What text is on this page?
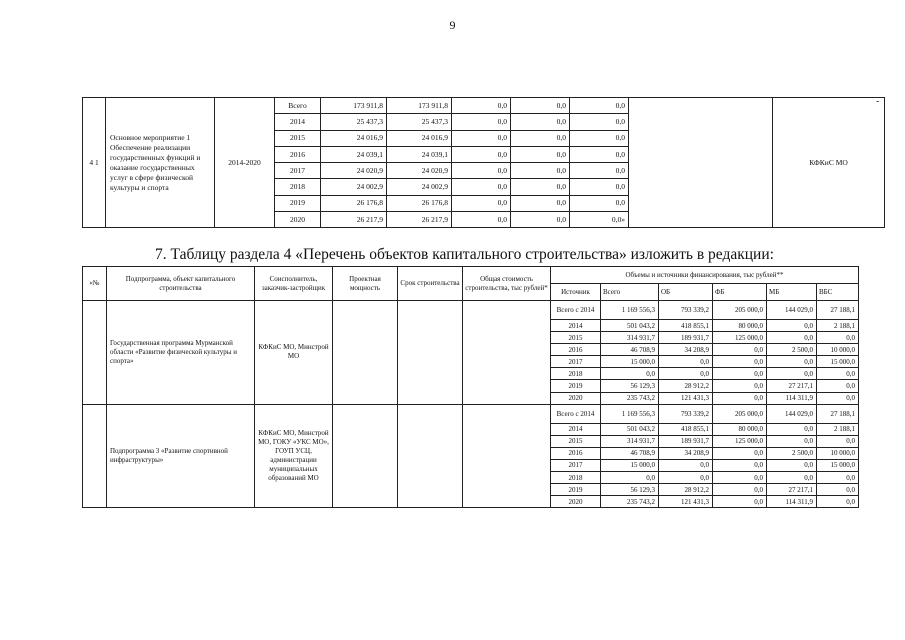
9
-
4 1	Основное мероприятие 1 Обеспечение реализации государственных функций и оказание государственных услуг в сфере физической культуры и спорта	2014-2020	Всего	173 911,8	173 911,8	0,0	0,0	0,0		КФКиС МО
			2014	25 437,3	25 437,3	0,0	0,0	0,0		
			2015	24 016,9	24 016,9	0,0	0,0	0,0		
			2016	24 039,1	24 039,1	0,0	0,0	0,0		
			2017	24 020,9	24 020,9	0,0	0,0	0,0		
			2018	24 002,9	24 002,9	0,0	0,0	0,0		
			2019	26 176,8	26 176,8	0,0	0,0	0,0		
			2020	26 217,9	26 217,9	0,0	0,0	0,0»		
7. Таблицу раздела 4 «Перечень объектов капитального строительства» изложить в редакции:
«№	Подпрограмма, объект капитального строительства	Соисполнитель, заказчик-застройщик	Проектная мощность	Срок строительства	Общая стоимость строительства, тыс рублей*	Объемы и источники финансирования, тыс рублей**					
						Источник	Всего	ОБ	ФБ	МБ	ВБС
	Государственная программа Мурманской области «Развитие физической культуры и спорта»	КФКиС МО, Минстрой МО				Всего с 2014	1 169 556,3	793 339,2	205 000,0	144 029,0	27 188,1
						2014	501 043,2	418 855,1	80 000,0	0,0	2 188,1
						2015	314 931,7	189 931,7	125 000,0	0,0	0,0
						2016	46 708,9	34 208,9	0,0	2 500,0	10 000,0
						2017	15 000,0	0,0	0,0	0,0	15 000,0
						2018	0,0	0,0	0,0	0,0	0,0
						2019	56 129,3	28 912,2	0,0	27 217,1	0,0
						2020	235 743,2	121 431,3	0,0	114 311,9	0,0
	Подпрограмма 3 «Развитие спортивной инфраструктуры»	КФКиС МО, Минстрой МО, ГОКУ «УКС МО», ГОУП УСЦ, администрации муниципальных образований МО				Всего с 2014	1 169 556,3	793 339,2	205 000,0	144 029,0	27 188,1
						2014	501 043,2	418 855,1	80 000,0	0,0	2 188,1
						2015	314 931,7	189 931,7	125 000,0	0,0	0,0
						2016	46 708,9	34 208,9	0,0	2 500,0	10 000,0
						2017	15 000,0	0,0	0,0	0,0	15 000,0
						2018	0,0	0,0	0,0	0,0	0,0
						2019	56 129,3	28 912,2	0,0	27 217,1	0,0
						2020	235 743,2	121 431,3	0,0	114 311,9	0,0
